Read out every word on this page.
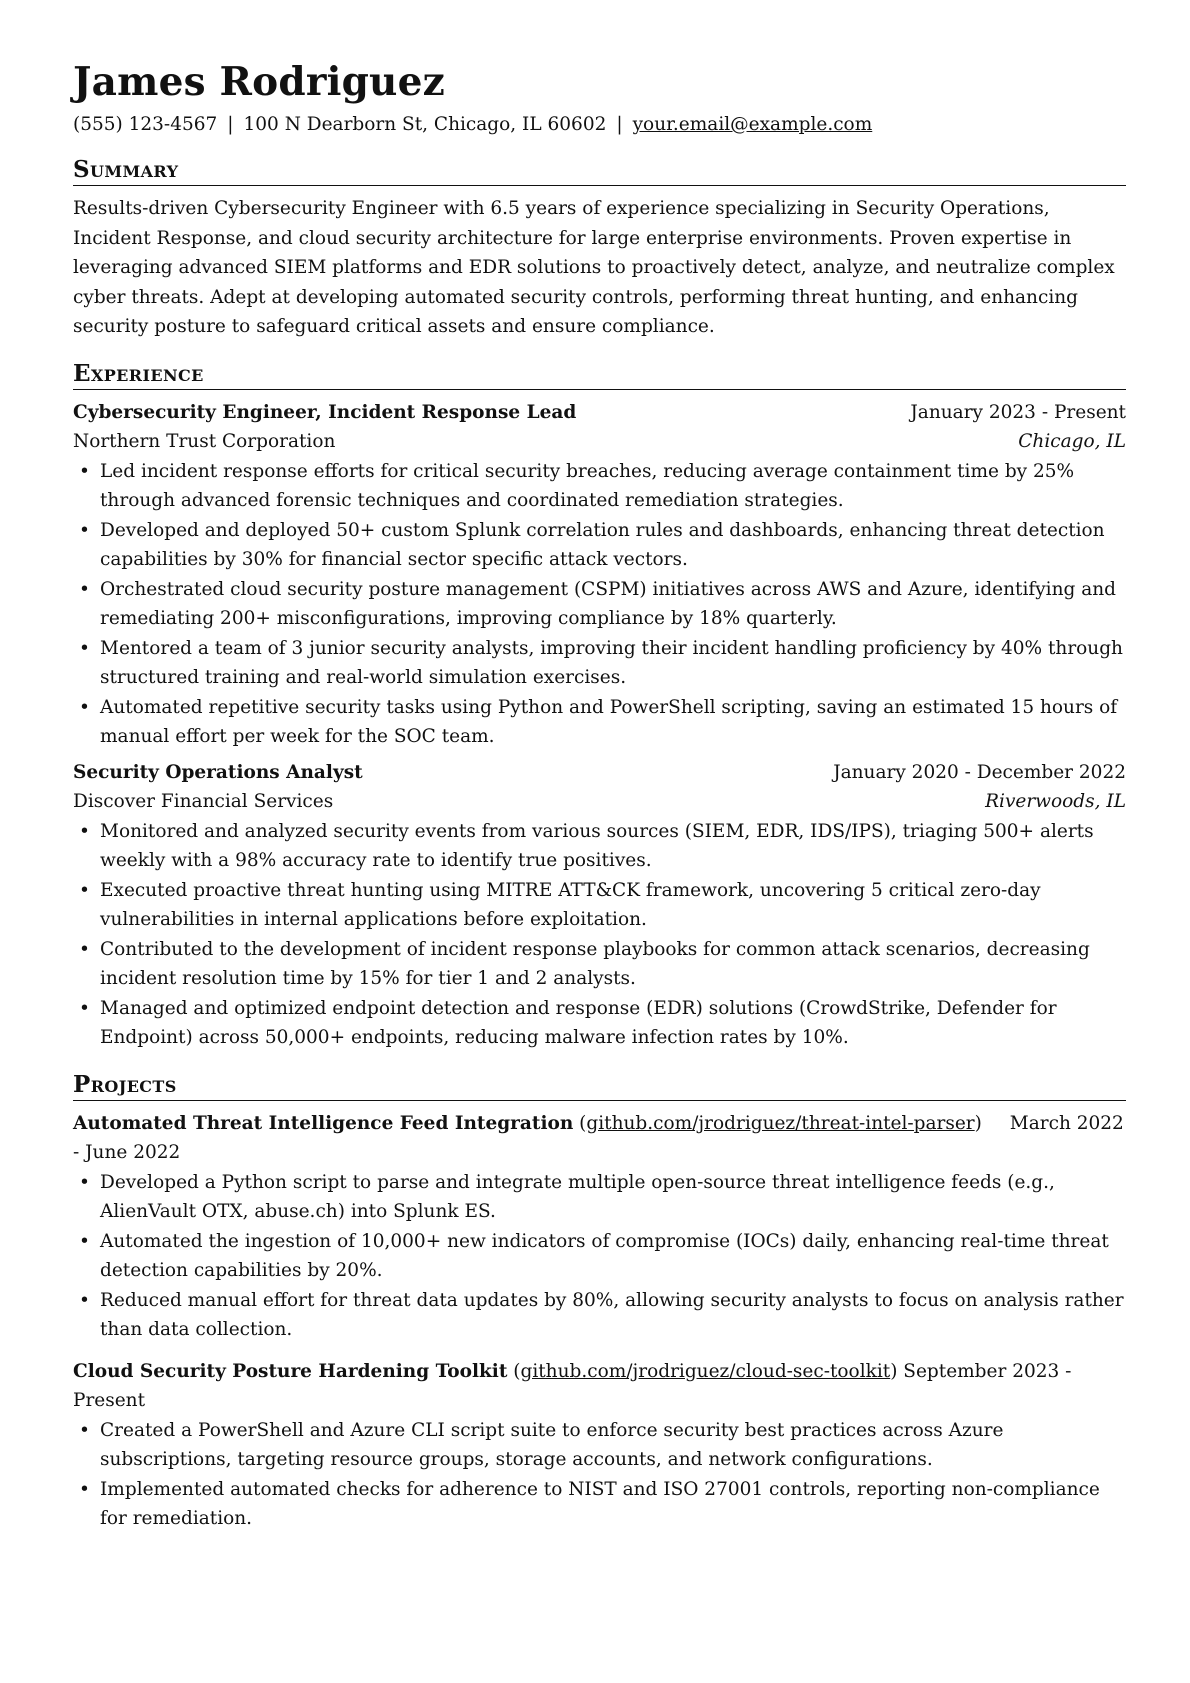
James Rodriguez
(555) 123-4567 | 100 N Dearborn St, Chicago, IL 60602 | your.email@example.com
Summary
Results-driven Cybersecurity Engineer with 6.5 years of experience specializing in Security Operations, Incident Response, and cloud security architecture for large enterprise environments. Proven expertise in leveraging advanced SIEM platforms and EDR solutions to proactively detect, analyze, and neutralize complex cyber threats. Adept at developing automated security controls, performing threat hunting, and enhancing security posture to safeguard critical assets and ensure compliance.
Experience
Cybersecurity Engineer, Incident Response Lead	January 2023 - Present
Northern Trust Corporation	Chicago, IL
• Led incident response efforts for critical security breaches, reducing average containment time by 25% through advanced forensic techniques and coordinated remediation strategies.
• Developed and deployed 50+ custom Splunk correlation rules and dashboards, enhancing threat detection capabilities by 30% for financial sector specific attack vectors.
• Orchestrated cloud security posture management (CSPM) initiatives across AWS and Azure, identifying and remediating 200+ misconfigurations, improving compliance by 18% quarterly.
• Mentored a team of 3 junior security analysts, improving their incident handling proficiency by 40% through structured training and real-world simulation exercises.
• Automated repetitive security tasks using Python and PowerShell scripting, saving an estimated 15 hours of manual effort per week for the SOC team.
Security Operations Analyst	January 2020 - December 2022
Discover Financial Services	Riverwoods, IL
• Monitored and analyzed security events from various sources (SIEM, EDR, IDS/IPS), triaging 500+ alerts weekly with a 98% accuracy rate to identify true positives.
• Executed proactive threat hunting using MITRE ATT&CK framework, uncovering 5 critical zero-day vulnerabilities in internal applications before exploitation.
• Contributed to the development of incident response playbooks for common attack scenarios, decreasing incident resolution time by 15% for tier 1 and 2 analysts.
• Managed and optimized endpoint detection and response (EDR) solutions (CrowdStrike, Defender for Endpoint) across 50,000+ endpoints, reducing malware infection rates by 10%.
Projects
Automated Threat Intelligence Feed Integration (github.com/jrodriguez/threat-intel-parser) March 2022 - June 2022
• Developed a Python script to parse and integrate multiple open-source threat intelligence feeds (e.g., AlienVault OTX, abuse.ch) into Splunk ES.
• Automated the ingestion of 10,000+ new indicators of compromise (IOCs) daily, enhancing real-time threat detection capabilities by 20%.
• Reduced manual effort for threat data updates by 80%, allowing security analysts to focus on analysis rather than data collection.
Cloud Security Posture Hardening Toolkit (github.com/jrodriguez/cloud-sec-toolkit) September 2023 - Present
• Created a PowerShell and Azure CLI script suite to enforce security best practices across Azure subscriptions, targeting resource groups, storage accounts, and network configurations.
• Implemented automated checks for adherence to NIST and ISO 27001 controls, reporting non-compliance for remediation.
